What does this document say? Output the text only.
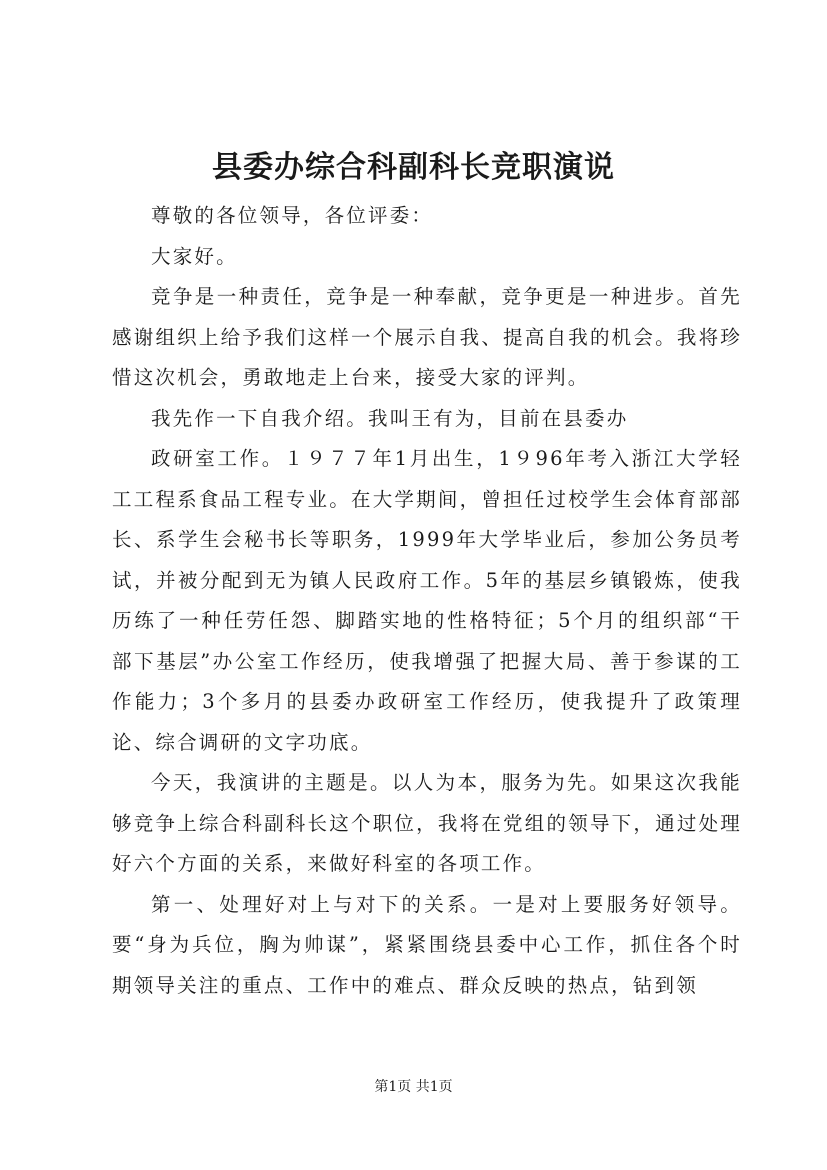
县委办综合科副科长竞职演说

尊敬的各位领导，各位评委：

大家好。

竞争是一种责任，竞争是一种奉献，竞争更是一种进步。首先感谢组织上给予我们这样一个展示自我、提高自我的机会。我将珍惜这次机会，勇敢地走上台来，接受大家的评判。

我先作一下自我介绍。我叫王有为，目前在县委办

政研室工作。１９７７年1月出生，1９96年考入浙江大学轻工工程系食品工程专业。在大学期间，曾担任过校学生会体育部部长、系学生会秘书长等职务，1999年大学毕业后，参加公务员考试，并被分配到无为镇人民政府工作。5年的基层乡镇锻炼，使我历练了一种任劳任怨、脚踏实地的性格特征；5个月的组织部“干部下基层”办公室工作经历，使我增强了把握大局、善于参谋的工作能力；3个多月的县委办政研室工作经历，使我提升了政策理论、综合调研的文字功底。

今天，我演讲的主题是。以人为本，服务为先。如果这次我能够竞争上综合科副科长这个职位，我将在党组的领导下，通过处理好六个方面的关系，来做好科室的各项工作。

第一、处理好对上与对下的关系。一是对上要服务好领导。要“身为兵位，胸为帅谋”，紧紧围绕县委中心工作，抓住各个时期领导关注的重点、工作中的难点、群众反映的热点，钻到领

第1页 共1页
